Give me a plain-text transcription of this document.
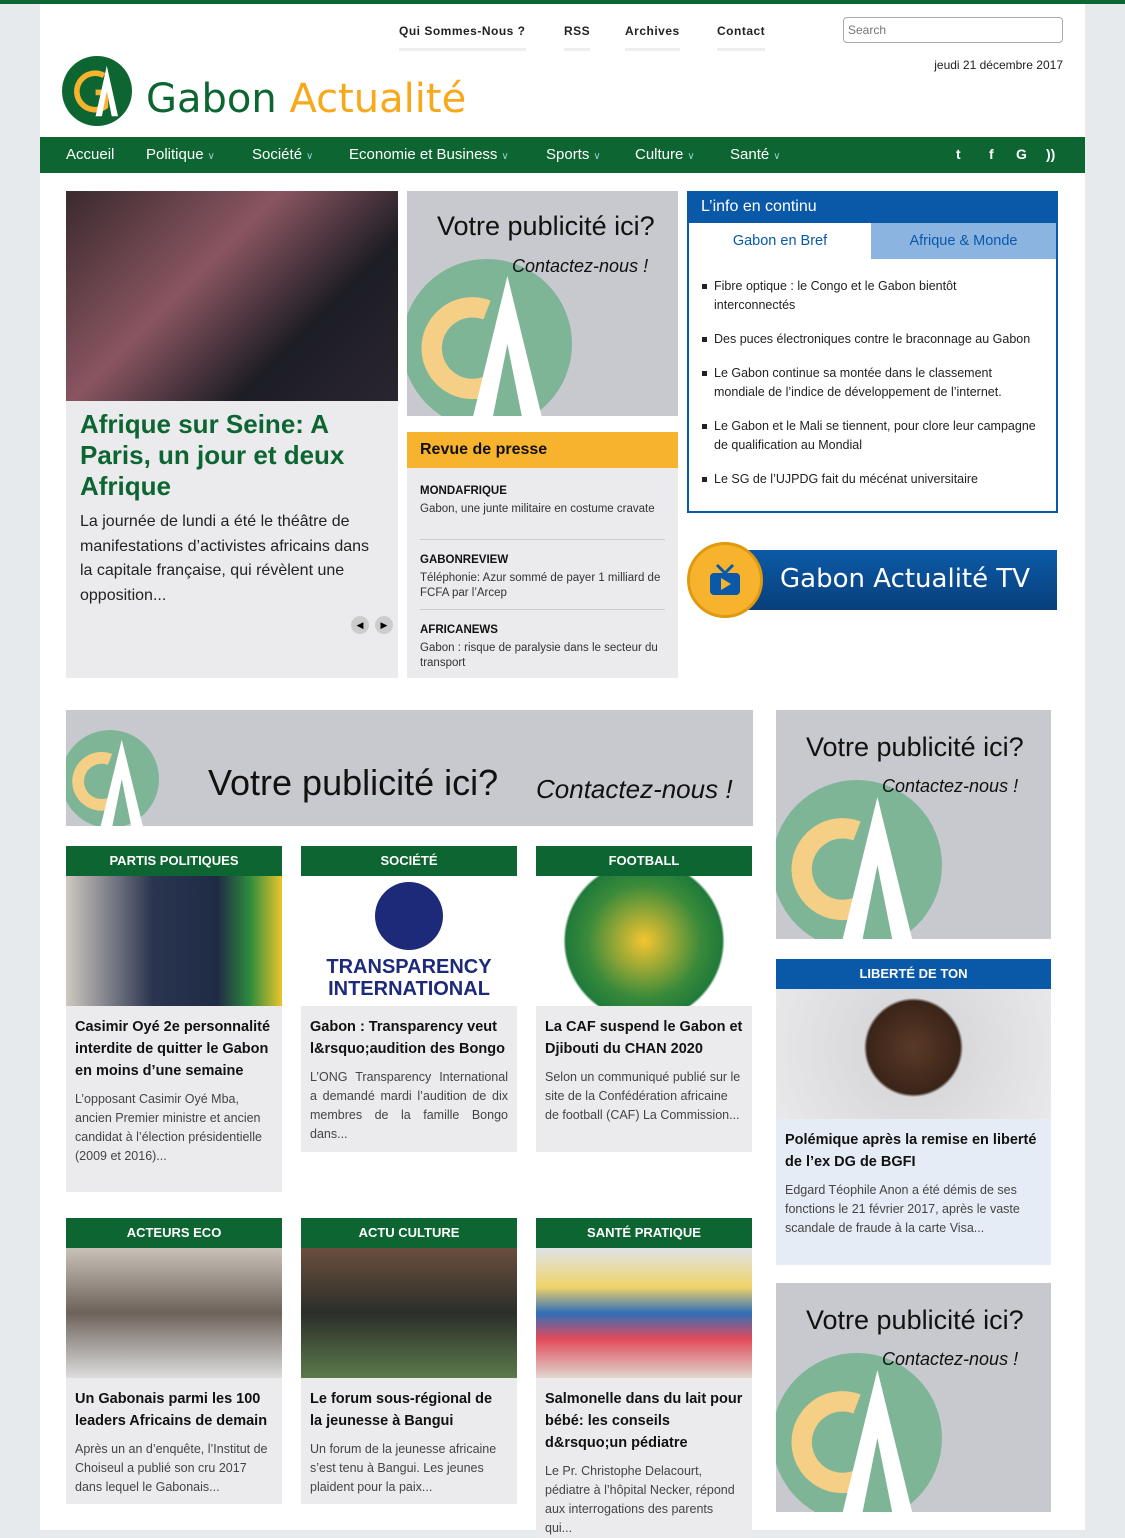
Qui Sommes-Nous ?	RSS	Archives	Contact
Search
jeudi 21 décembre 2017
Gabon Actualité
Accueil Politique ∨ Société ∨ Economie et Business ∨ Sports ∨ Culture ∨ Santé ∨	t f G ))
Afrique sur Seine: A Paris, un jour et deux Afrique

La journée de lundi a été le théâtre de manifestations d’activistes africains dans la capitale française, qui révèlent une opposition...

◀	▶
Votre publicité ici?
Contactez-nous !
Revue de presse
MONDAFRIQUE
Gabon, une junte militaire en costume cravate
GABONREVIEW
Téléphonie: Azur sommé de payer 1 milliard de FCFA par l’Arcep
AFRICANEWS
Gabon : risque de paralysie dans le secteur du transport
L’info en continu
Gabon en Bref	Afrique & Monde
Fibre optique : le Congo et le Gabon bientôt interconnectés
Des puces électroniques contre le braconnage au Gabon
Le Gabon continue sa montée dans le classement mondiale de l’indice de développement de l’internet.
Le Gabon et le Mali se tiennent, pour clore leur campagne de qualification au Mondial
Le SG de l’UJPDG fait du mécénat universitaire
Gabon Actualité TV
Votre publicité ici? Contactez-nous !
PARTIS POLITIQUES
Casimir Oyé 2e personnalité interdite de quitter le Gabon en moins d’une semaine

L’opposant Casimir Oyé Mba, ancien Premier ministre et ancien candidat à l’élection présidentielle (2009 et 2016)...

SOCIÉTÉ
TRANSPARENCY INTERNATIONAL
Gabon : Transparency veut l&rsquo;audition des Bongo

L’ONG Transparency International a demandé mardi l’audition de dix membres de la famille Bongo dans...

FOOTBALL
La CAF suspend le Gabon et Djibouti du CHAN 2020

Selon un communiqué publié sur le site de la Confédération africaine de football (CAF) La Commission...

ACTEURS ECO
Un Gabonais parmi les 100 leaders Africains de demain

Après un an d’enquête, l’Institut de Choiseul a publié son cru 2017 dans lequel le Gabonais...

ACTU CULTURE
Le forum sous-régional de la jeunesse à Bangui

Un forum de la jeunesse africaine s’est tenu à Bangui. Les jeunes plaident pour la paix...

SANTÉ PRATIQUE
Salmonelle dans du lait pour bébé: les conseils d&rsquo;un pédiatre

Le Pr. Christophe Delacourt, pédiatre à l’hôpital Necker, répond aux interrogations des parents qui...

Votre publicité ici?
Contactez-nous !
LIBERTÉ DE TON
Polémique après la remise en liberté de l’ex DG de BGFI

Edgard Téophile Anon a été démis de ses fonctions le 21 février 2017, après le vaste scandale de fraude à la carte Visa...

Votre publicité ici?
Contactez-nous !
